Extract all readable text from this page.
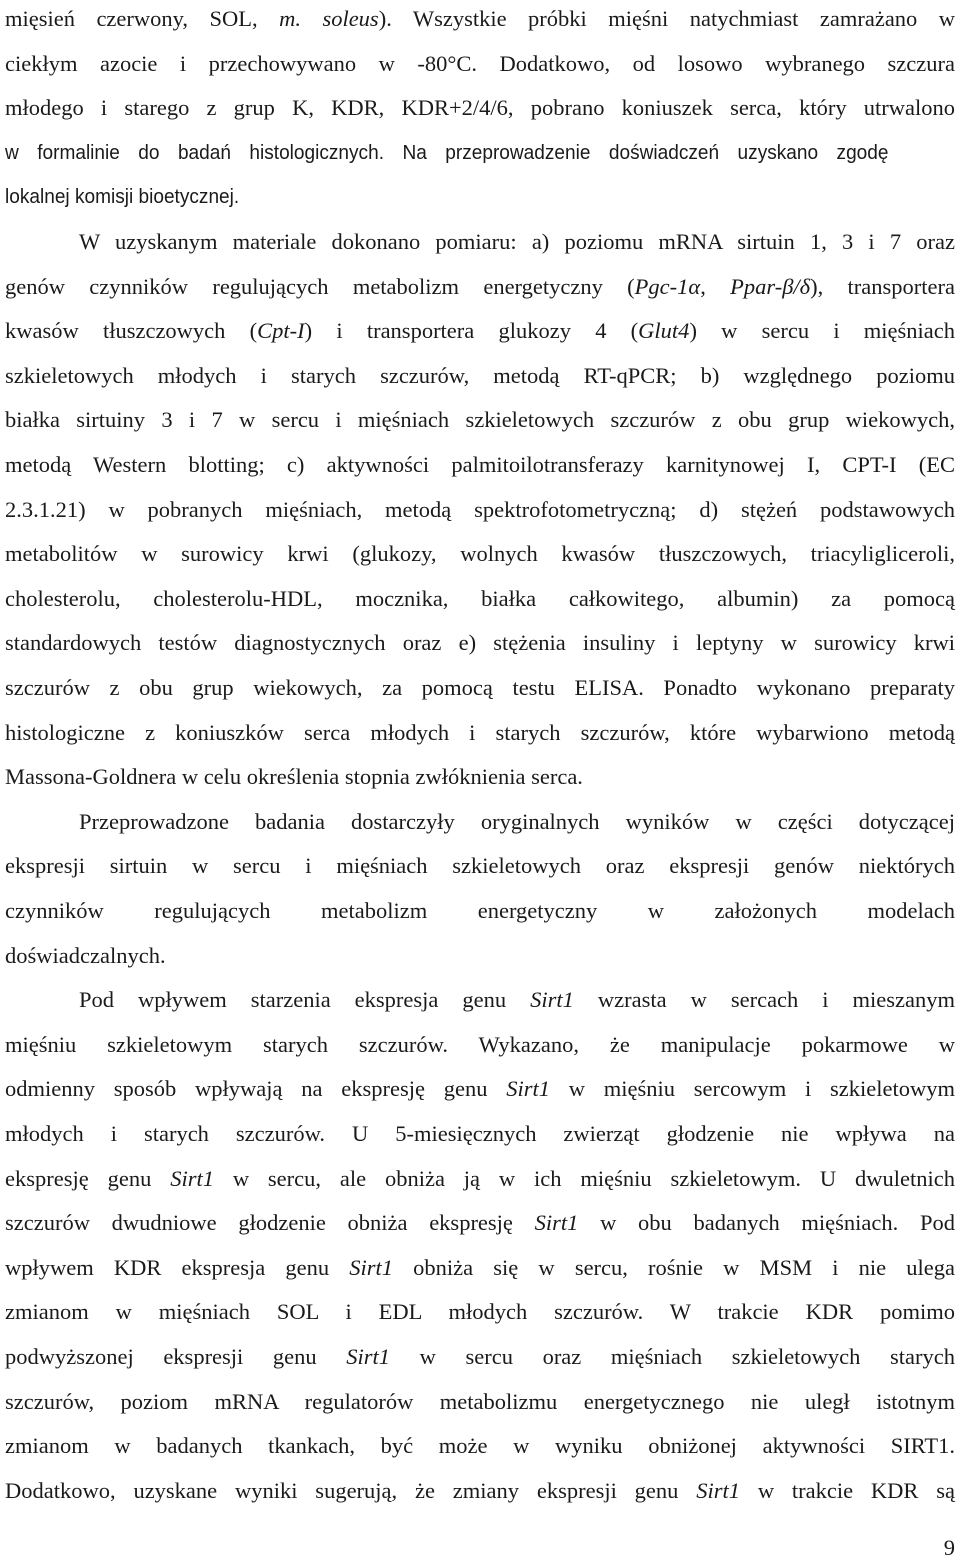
mięsień czerwony, SOL, m. soleus). Wszystkie próbki mięśni natychmiast zamrażano w
ciekłym azocie i przechowywano w -80°C. Dodatkowo, od losowo wybranego szczura
młodego i starego z grup K, KDR, KDR+2/4/6, pobrano koniuszek serca, który utrwalono
w formalinie do badań histologicznych. Na przeprowadzenie doświadczeń uzyskano zgodę
lokalnej komisji bioetycznej.
W uzyskanym materiale dokonano pomiaru: a) poziomu mRNA sirtuin 1, 3 i 7 oraz
genów czynników regulujących metabolizm energetyczny (Pgc-1α, Ppar-β/δ), transportera
kwasów tłuszczowych (Cpt-I) i transportera glukozy 4 (Glut4) w sercu i mięśniach
szkieletowych młodych i starych szczurów, metodą RT-qPCR; b) względnego poziomu
białka sirtuiny 3 i 7 w sercu i mięśniach szkieletowych szczurów z obu grup wiekowych,
metodą Western blotting; c) aktywności palmitoilotransferazy karnitynowej I, CPT-I (EC
2.3.1.21) w pobranych mięśniach, metodą spektrofotometryczną; d) stężeń podstawowych
metabolitów w surowicy krwi (glukozy, wolnych kwasów tłuszczowych, triacyligliceroli,
cholesterolu, cholesterolu-HDL, mocznika, białka całkowitego, albumin) za pomocą
standardowych testów diagnostycznych oraz e) stężenia insuliny i leptyny w surowicy krwi
szczurów z obu grup wiekowych, za pomocą testu ELISA. Ponadto wykonano preparaty
histologiczne z koniuszków serca młodych i starych szczurów, które wybarwiono metodą
Massona-Goldnera w celu określenia stopnia zwłóknienia serca.
Przeprowadzone badania dostarczyły oryginalnych wyników w części dotyczącej
ekspresji sirtuin w sercu i mięśniach szkieletowych oraz ekspresji genów niektórych
czynników regulujących metabolizm energetyczny w założonych modelach
doświadczalnych.
Pod wpływem starzenia ekspresja genu Sirt1 wzrasta w sercach i mieszanym
mięśniu szkieletowym starych szczurów. Wykazano, że manipulacje pokarmowe w
odmienny sposób wpływają na ekspresję genu Sirt1 w mięśniu sercowym i szkieletowym
młodych i starych szczurów. U 5-miesięcznych zwierząt głodzenie nie wpływa na
ekspresję genu Sirt1 w sercu, ale obniża ją w ich mięśniu szkieletowym. U dwuletnich
szczurów dwudniowe głodzenie obniża ekspresję Sirt1 w obu badanych mięśniach. Pod
wpływem KDR ekspresja genu Sirt1 obniża się w sercu, rośnie w MSM i nie ulega
zmianom w mięśniach SOL i EDL młodych szczurów. W trakcie KDR pomimo
podwyższonej ekspresji genu Sirt1 w sercu oraz mięśniach szkieletowych starych
szczurów, poziom mRNA regulatorów metabolizmu energetycznego nie uległ istotnym
zmianom w badanych tkankach, być może w wyniku obniżonej aktywności SIRT1.
Dodatkowo, uzyskane wyniki sugerują, że zmiany ekspresji genu Sirt1 w trakcie KDR są
9
